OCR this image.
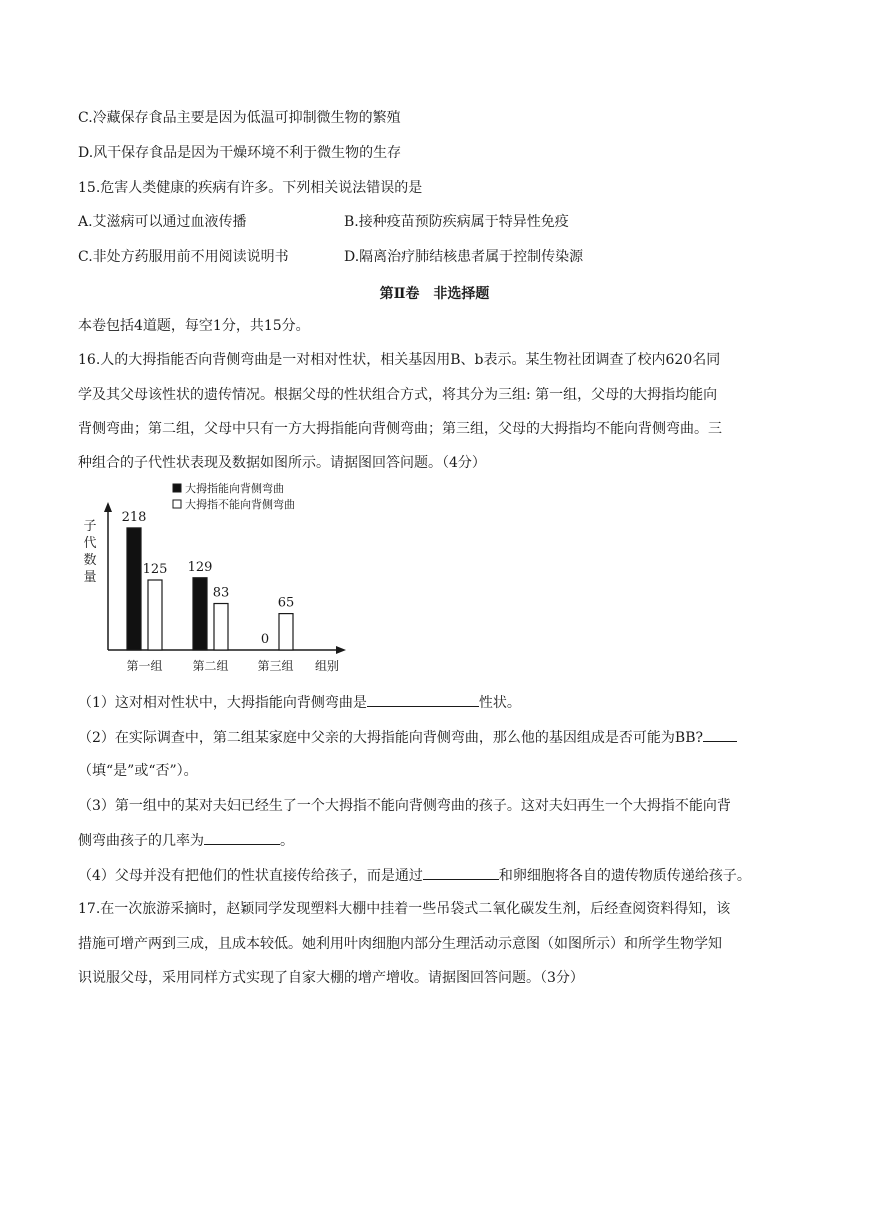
C.冷藏保存食品主要是因为低温可抑制微生物的繁殖
D.风干保存食品是因为干燥环境不利于微生物的生存
15.危害人类健康的疾病有许多。下列相关说法错误的是
A.艾滋病可以通过血液传播	B.接种疫苗预防疾病属于特异性免疫
C.非处方药服用前不用阅读说明书	D.隔离治疗肺结核患者属于控制传染源
第Ⅱ卷　非选择题
本卷包括4道题，每空1分，共15分。
16.人的大拇指能否向背侧弯曲是一对相对性状，相关基因用B、b表示。某生物社团调查了校内620名同
学及其父母该性状的遗传情况。根据父母的性状组合方式，将其分为三组: 第一组，父母的大拇指均能向
背侧弯曲；第二组，父母中只有一方大拇指能向背侧弯曲；第三组，父母的大拇指均不能向背侧弯曲。三
种组合的子代性状表现及数据如图所示。请据图回答问题。（4分）
子
代
数
量
218
125 129
83
0
65
大拇指能向背侧弯曲
大拇指不能向背侧弯曲
第一组 第二组 第三组 组别
（1）这对相对性状中，大拇指能向背侧弯曲是	性状。
（2）在实际调查中，第二组某家庭中父亲的大拇指能向背侧弯曲，那么他的基因组成是否可能为BB?
（填“是”或“否”）。
（3）第一组中的某对夫妇已经生了一个大拇指不能向背侧弯曲的孩子。这对夫妇再生一个大拇指不能向背
侧弯曲孩子的几率为	。
（4）父母并没有把他们的性状直接传给孩子，而是通过	和卵细胞将各自的遗传物质传递给孩子。
17.在一次旅游采摘时，赵颖同学发现塑料大棚中挂着一些吊袋式二氧化碳发生剂，后经查阅资料得知，该
措施可增产两到三成，且成本较低。她利用叶肉细胞内部分生理活动示意图（如图所示）和所学生物学知
识说服父母，采用同样方式实现了自家大棚的增产增收。请据图回答问题。（3分）
